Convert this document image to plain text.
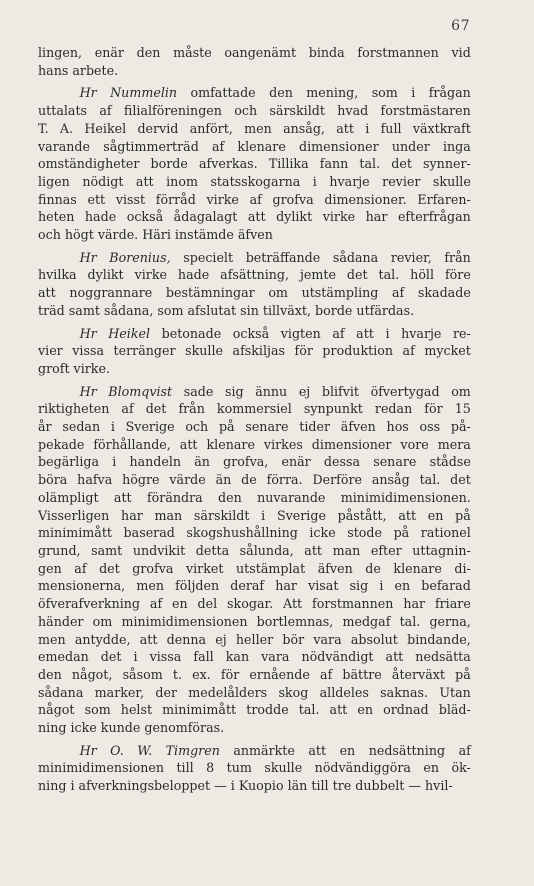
67
lingen, enär den måste oangenämt binda forstmannen vid
hans arbete.
Hr Nummelin omfattade den mening, som i frågan
uttalats af filialföreningen och särskildt hvad forstmästaren
T. A. Heikel dervid anfört, men ansåg, att i full växtkraft
varande sågtimmerträd af klenare dimensioner under inga
omständigheter borde afverkas. Tillika fann tal. det synner-
ligen nödigt att inom statsskogarna i hvarje revier skulle
finnas ett visst förråd virke af grofva dimensioner. Erfaren-
heten hade också ådagalagt att dylikt virke har efterfrågan
och högt värde. Häri instämde äfven
Hr Borenius, specielt beträffande sådana revier, från
hvilka dylikt virke hade afsättning, jemte det tal. höll före
att noggrannare bestämningar om utstämpling af skadade
träd samt sådana, som afslutat sin tillväxt, borde utfärdas.
Hr Heikel betonade också vigten af att i hvarje re-
vier vissa terränger skulle afskiljas för produktion af mycket
groft virke.
Hr Blomqvist sade sig ännu ej blifvit öfvertygad om
riktigheten af det från kommersiel synpunkt redan för 15
år sedan i Sverige och på senare tider äfven hos oss på-
pekade förhållande, att klenare virkes dimensioner vore mera
begärliga i handeln än grofva, enär dessa senare stådse
böra hafva högre värde än de förra. Derföre ansåg tal. det
olämpligt att förändra den nuvarande minimidimensionen.
Visserligen har man särskildt i Sverige påstått, att en på
minimimått baserad skogshushållning icke stode på rationel
grund, samt undvikit detta sålunda, att man efter uttagnin-
gen af det grofva virket utstämplat äfven de klenare di-
mensionerna, men följden deraf har visat sig i en befarad
öfverafverkning af en del skogar. Att forstmannen har friare
händer om minimidimensionen bortlemnas, medgaf tal. gerna,
men antydde, att denna ej heller bör vara absolut bindande,
emedan det i vissa fall kan vara nödvändigt att nedsätta
den något, såsom t. ex. för ernående af bättre återväxt på
sådana marker, der medelålders skog alldeles saknas. Utan
något som helst minimimått trodde tal. att en ordnad bläd-
ning icke kunde genomföras.
Hr O. W. Timgren anmärkte att en nedsättning af
minimidimensionen till 8 tum skulle nödvändiggöra en ök-
ning i afverkningsbeloppet — i Kuopio län till tre dubbelt — hvil-
